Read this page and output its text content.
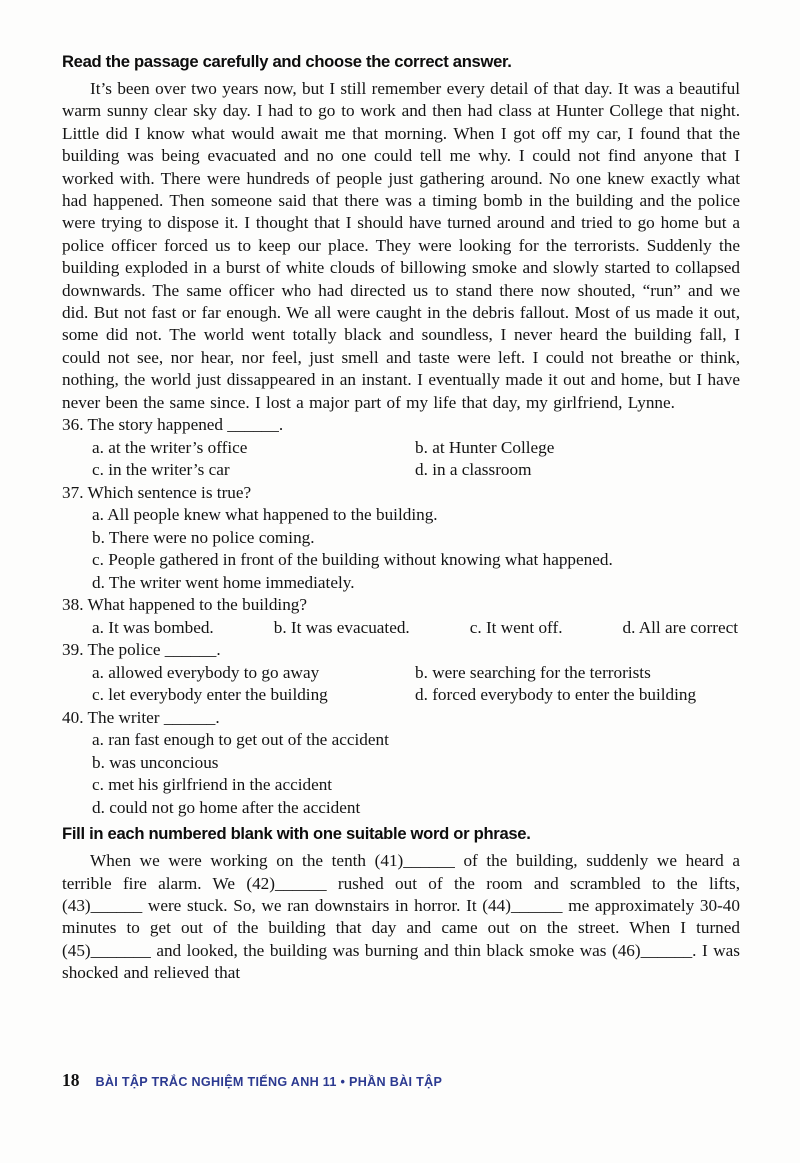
Read the passage carefully and choose the correct answer.
It’s been over two years now, but I still remember every detail of that day. It was a beautiful warm sunny clear sky day. I had to go to work and then had class at Hunter College that night. Little did I know what would await me that morning. When I got off my car, I found that the building was being evacuated and no one could tell me why. I could not find anyone that I worked with. There were hundreds of people just gathering around. No one knew exactly what had happened. Then someone said that there was a timing bomb in the building and the police were trying to dispose it. I thought that I should have turned around and tried to go home but a police officer forced us to keep our place. They were looking for the terrorists. Suddenly the building exploded in a burst of white clouds of billowing smoke and slowly started to collapsed downwards. The same officer who had directed us to stand there now shouted, “run” and we did. But not fast or far enough. We all were caught in the debris fallout. Most of us made it out, some did not. The world went totally black and soundless, I never heard the building fall, I could not see, nor hear, nor feel, just smell and taste were left. I could not breathe or think, nothing, the world just dissappeared in an instant. I eventually made it out and home, but I have never been the same since. I lost a major part of my life that day, my girlfriend, Lynne.
36. The story happened ______.
a. at the writer’s office	b. at Hunter College
c. in the writer’s car	d. in a classroom
37. Which sentence is true?
a. All people knew what happened to the building.
b. There were no police coming.
c. People gathered in front of the building without knowing what happened.
d. The writer went home immediately.
38. What happened to the building?
a. It was bombed.	b. It was evacuated.	c. It went off.	d. All are correct
39. The police ______.
a. allowed everybody to go away	b. were searching for the terrorists
c. let everybody enter the building	d. forced everybody to enter the building
40. The writer ______.
a. ran fast enough to get out of the accident
b. was unconcious
c. met his girlfriend in the accident
d. could not go home after the accident
Fill in each numbered blank with one suitable word or phrase.
When we were working on the tenth (41)______ of the building, suddenly we heard a terrible fire alarm. We (42)______ rushed out of the room and scrambled to the lifts, (43)______ were stuck. So, we ran downstairs in horror. It (44)______ me approximately 30-40 minutes to get out of the building that day and came out on the street. When I turned (45)_______ and looked, the building was burning and thin black smoke was (46)______. I was shocked and relieved that
18 BÀI TẬP TRẮC NGHIỆM TIẾNG ANH 11 • PHẦN BÀI TẬP
